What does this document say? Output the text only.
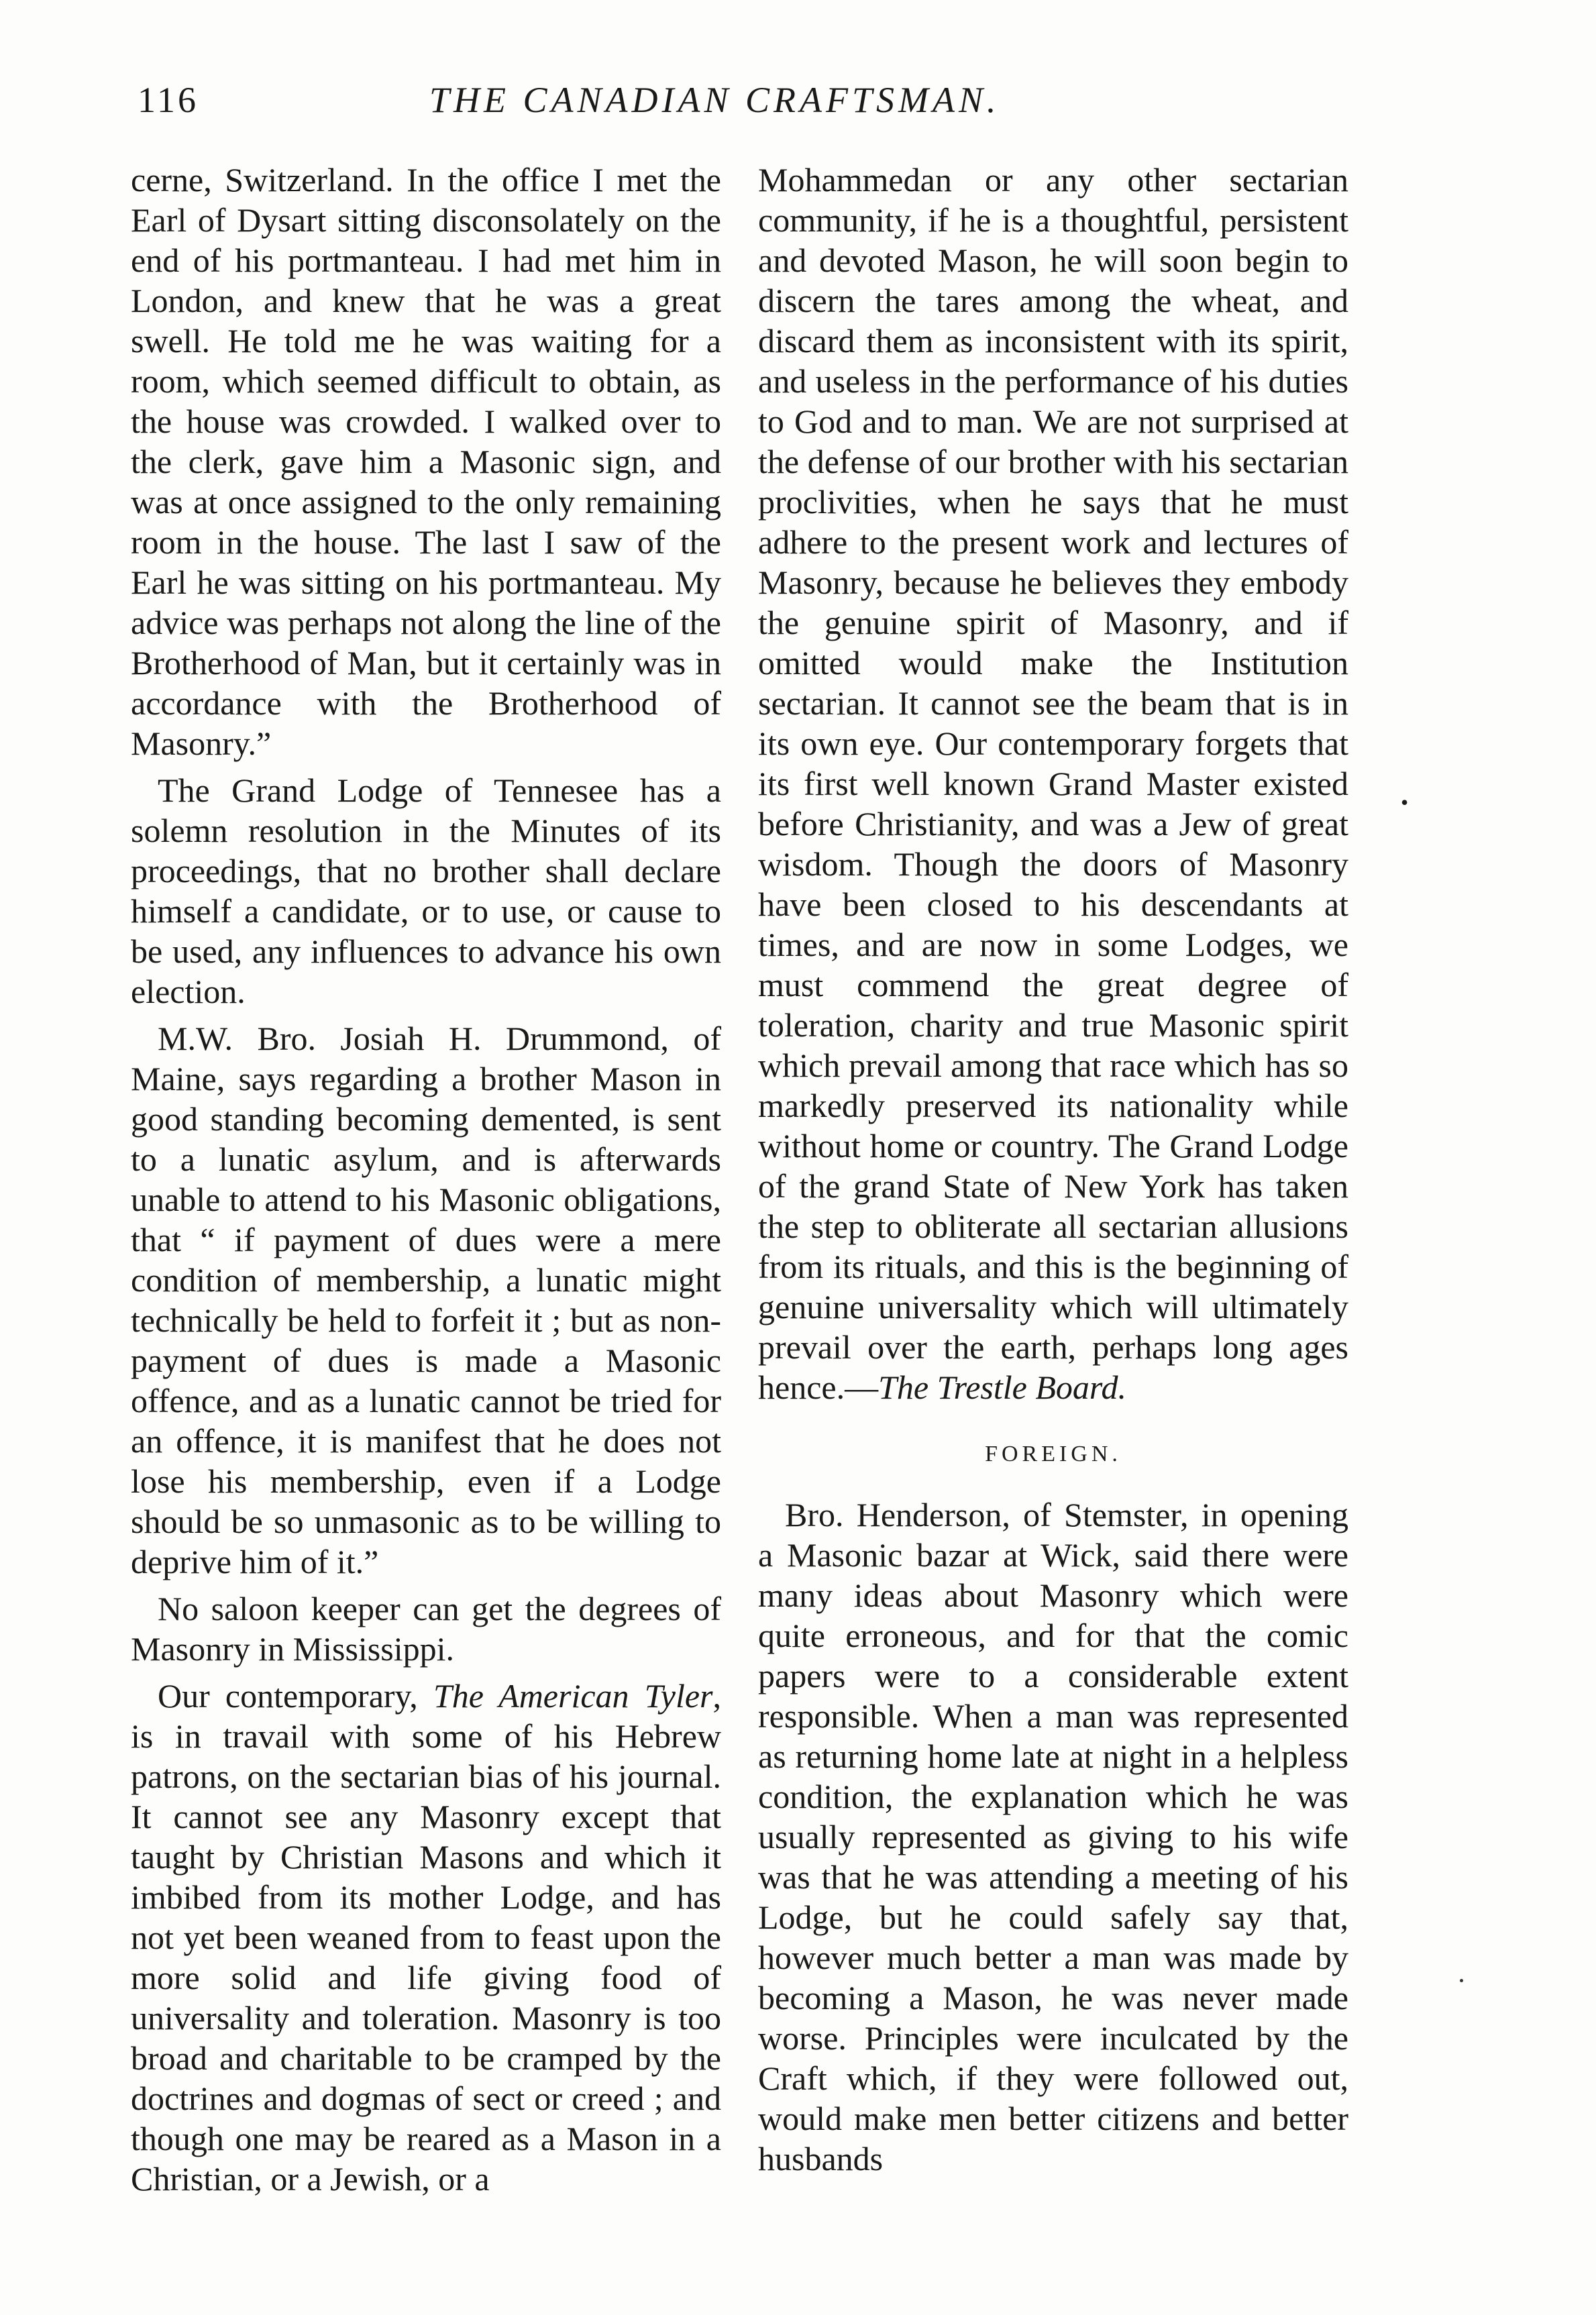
116	THE CANADIAN CRAFTSMAN.

cerne, Switzerland. In the office I met the Earl of Dysart sitting disconsolately on the end of his portmanteau. I had met him in London, and knew that he was a great swell. He told me he was waiting for a room, which seemed difficult to obtain, as the house was crowded. I walked over to the clerk, gave him a Masonic sign, and was at once assigned to the only remaining room in the house. The last I saw of the Earl he was sitting on his portmanteau. My advice was perhaps not along the line of the Brotherhood of Man, but it certainly was in accordance with the Brotherhood of Masonry.”

The Grand Lodge of Tennesee has a solemn resolution in the Minutes of its proceedings, that no brother shall declare himself a candidate, or to use, or cause to be used, any influences to advance his own election.

M.W. Bro. Josiah H. Drummond, of Maine, says regarding a brother Mason in good standing becoming demented, is sent to a lunatic asylum, and is afterwards unable to attend to his Masonic obligations, that “ if payment of dues were a mere condition of membership, a lunatic might technically be held to forfeit it ; but as non-payment of dues is made a Masonic offence, and as a lunatic cannot be tried for an offence, it is manifest that he does not lose his membership, even if a Lodge should be so unmasonic as to be willing to deprive him of it.”

No saloon keeper can get the degrees of Masonry in Mississippi.

Our contemporary, The American Tyler, is in travail with some of his Hebrew patrons, on the sectarian bias of his journal. It cannot see any Masonry except that taught by Christian Masons and which it imbibed from its mother Lodge, and has not yet been weaned from to feast upon the more solid and life giving food of universality and toleration. Masonry is too broad and charitable to be cramped by the doctrines and dogmas of sect or creed ; and though one may be reared as a Mason in a Christian, or a Jewish, or a

Mohammedan or any other sectarian community, if he is a thoughtful, persistent and devoted Mason, he will soon begin to discern the tares among the wheat, and discard them as inconsistent with its spirit, and useless in the performance of his duties to God and to man. We are not surprised at the defense of our brother with his sectarian proclivities, when he says that he must adhere to the present work and lectures of Masonry, because he believes they embody the genuine spirit of Masonry, and if omitted would make the Institution sectarian. It cannot see the beam that is in its own eye. Our contemporary forgets that its first well known Grand Master existed before Christianity, and was a Jew of great wisdom. Though the doors of Masonry have been closed to his descendants at times, and are now in some Lodges, we must commend the great degree of toleration, charity and true Masonic spirit which prevail among that race which has so markedly preserved its nationality while without home or country. The Grand Lodge of the grand State of New York has taken the step to obliterate all sectarian allusions from its rituals, and this is the beginning of genuine universality which will ultimately prevail over the earth, perhaps long ages hence.—The Trestle Board.

FOREIGN.

Bro. Henderson, of Stemster, in opening a Masonic bazar at Wick, said there were many ideas about Masonry which were quite erroneous, and for that the comic papers were to a considerable extent responsible. When a man was represented as returning home late at night in a helpless condition, the explanation which he was usually represented as giving to his wife was that he was attending a meeting of his Lodge, but he could safely say that, however much better a man was made by becoming a Mason, he was never made worse. Principles were inculcated by the Craft which, if they were followed out, would make men better citizens and better husbands

•
